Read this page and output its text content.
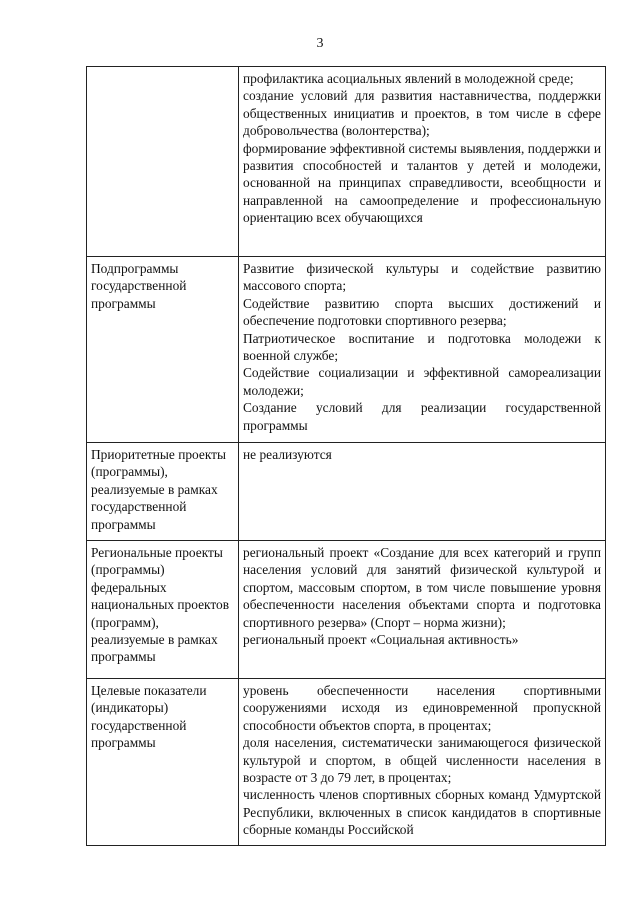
3

	профилактика асоциальных явлений в молодежной среде;
создание условий для развития наставничества, поддержки общественных инициатив и проектов, в том числе в сфере добровольчества (волонтерства);
формирование эффективной системы выявления, поддержки и развития способностей и талантов у детей и молодежи, основанной на принципах справедливости, всеобщности и направленной на самоопределение и профессиональную ориентацию всех обучающихся

Подпрограммы государственной программы	Развитие физической культуры и содействие развитию массового спорта;
Содействие развитию спорта высших достижений и обеспечение подготовки спортивного резерва;
Патриотическое воспитание и подготовка молодежи к военной службе;
Содействие социализации и эффективной самореализации молодежи;
Создание условий для реализации государственной программы

Приоритетные проекты (программы), реализуемые в рамках государственной программы	не реализуются

Региональные проекты (программы) федеральных национальных проектов (программ), реализуемые в рамках программы	региональный проект «Создание для всех категорий и групп населения условий для занятий физической культурой и спортом, массовым спортом, в том числе повышение уровня обеспеченности населения объектами спорта и подготовка спортивного резерва» (Спорт – норма жизни);
региональный проект «Социальная активность»

Целевые показатели (индикаторы) государственной программы	уровень обеспеченности населения спортивными сооружениями исходя из единовременной пропускной способности объектов спорта, в процентах;
доля населения, систематически занимающегося физической культурой и спортом, в общей численности населения в возрасте от 3 до 79 лет, в процентах;
численность членов спортивных сборных команд Удмуртской Республики, включенных в список кандидатов в спортивные сборные команды Российской
